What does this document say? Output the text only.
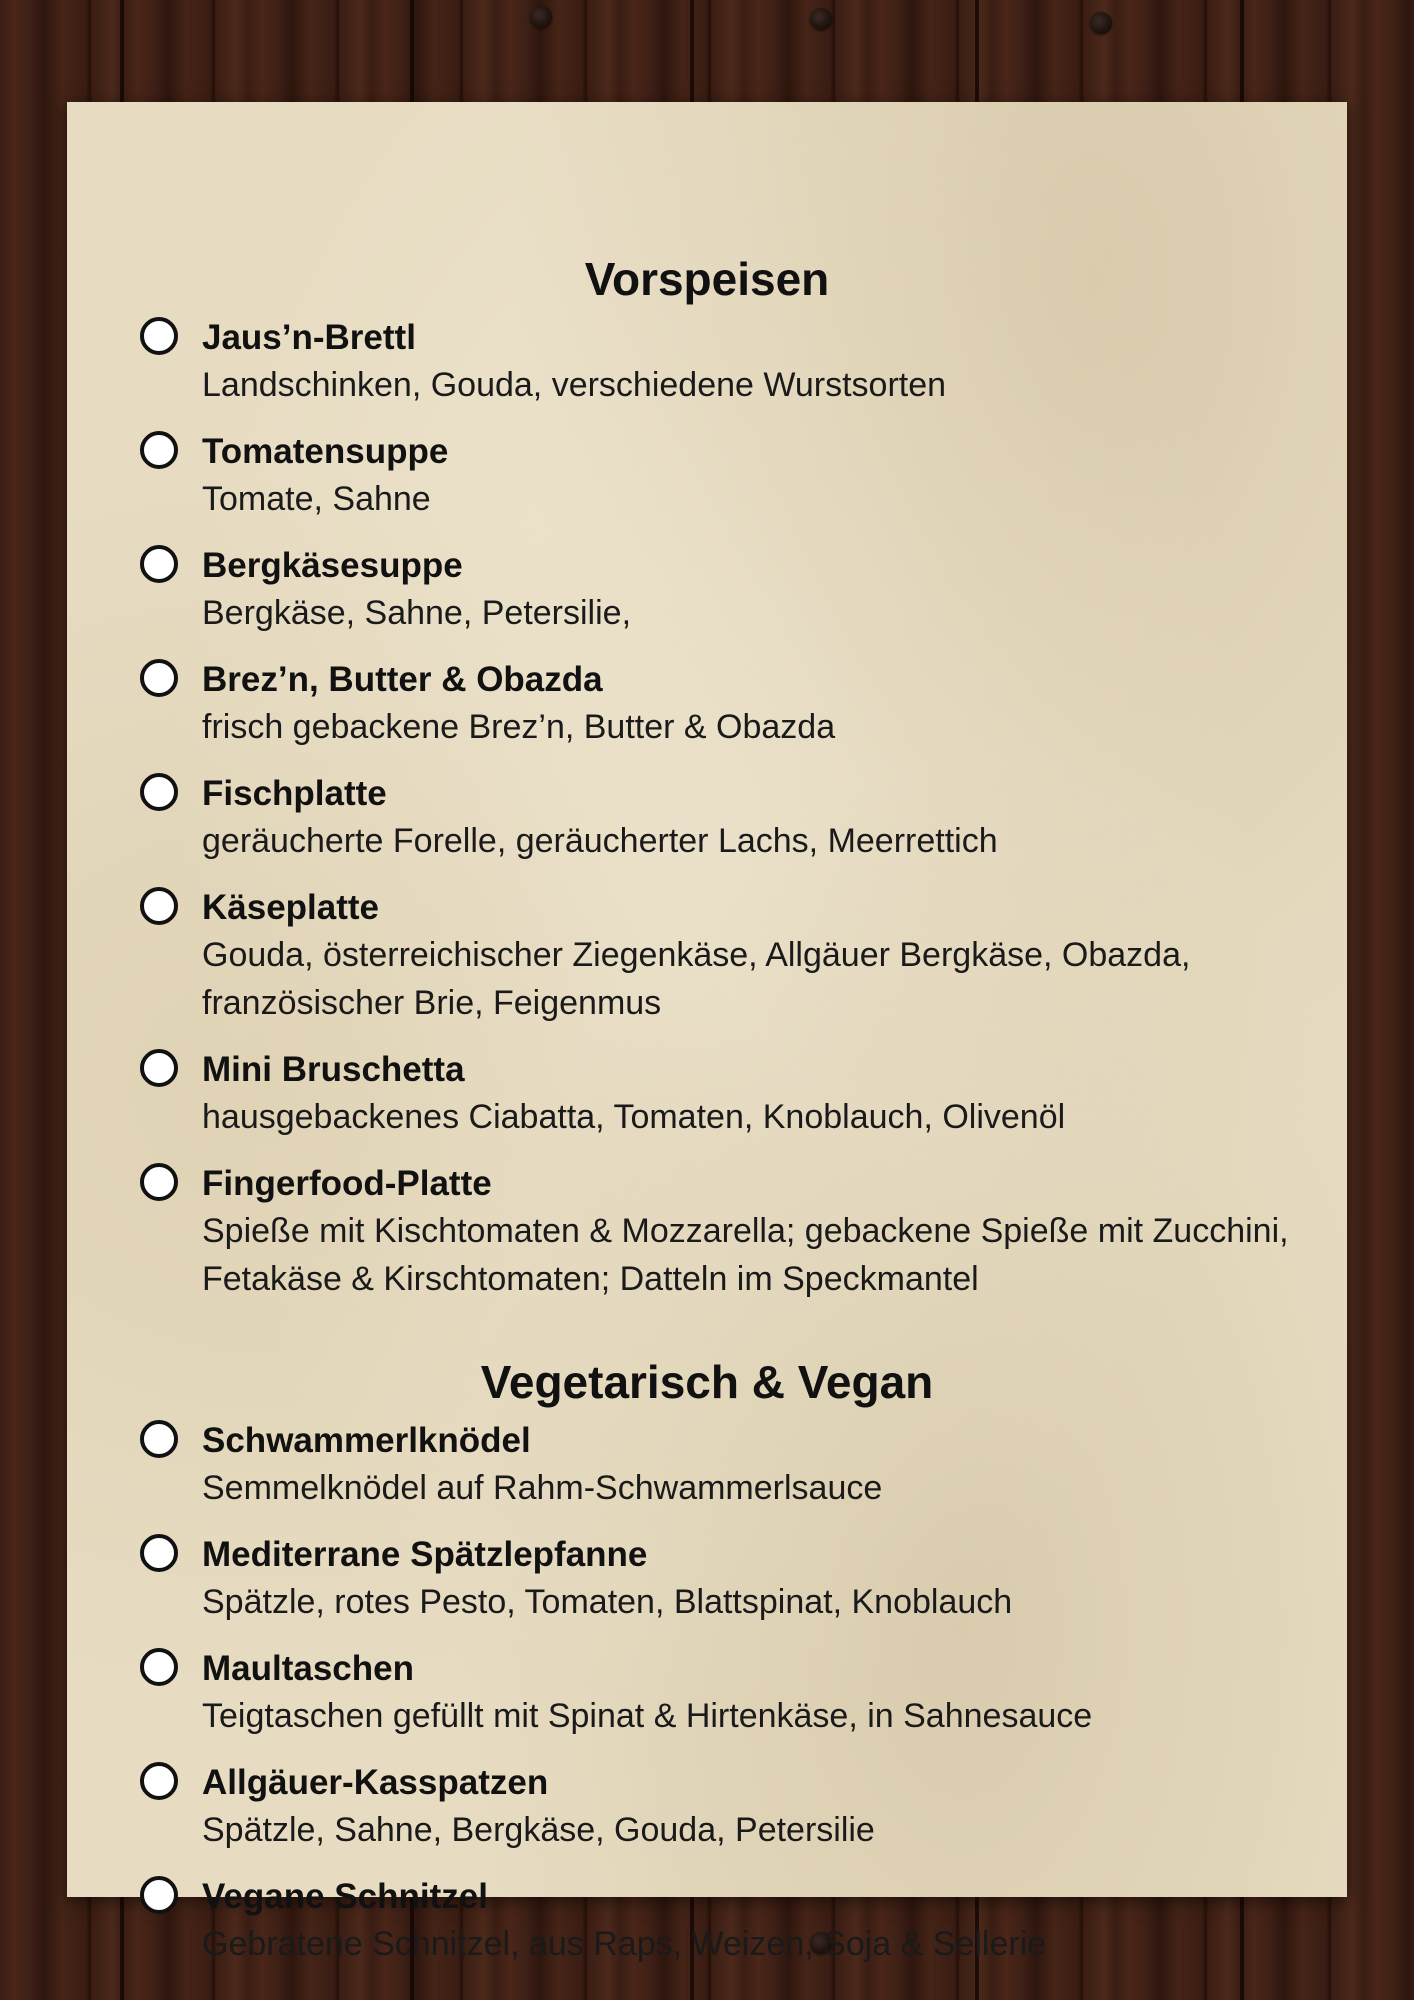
Vorspeisen
Jaus’n-Brettl
Landschinken, Gouda, verschiedene Wurstsorten
Tomatensuppe
Tomate, Sahne
Bergkäsesuppe
Bergkäse, Sahne, Petersilie,
Brez’n, Butter & Obazda
frisch gebackene Brez’n, Butter & Obazda
Fischplatte
geräucherte Forelle, geräucherter Lachs, Meerrettich
Käseplatte
Gouda, österreichischer Ziegenkäse, Allgäuer Bergkäse, Obazda, französischer Brie, Feigenmus
Mini Bruschetta
hausgebackenes Ciabatta, Tomaten, Knoblauch, Olivenöl
Fingerfood-Platte
Spieße mit Kischtomaten & Mozzarella; gebackene Spieße mit Zucchini, Fetakäse & Kirschtomaten; Datteln im Speckmantel
Vegetarisch & Vegan
Schwammerlknödel
Semmelknödel auf Rahm-Schwammerlsauce
Mediterrane Spätzlepfanne
Spätzle, rotes Pesto, Tomaten, Blattspinat, Knoblauch
Maultaschen
Teigtaschen gefüllt mit Spinat & Hirtenkäse, in Sahnesauce
Allgäuer-Kasspatzen
Spätzle, Sahne, Bergkäse, Gouda, Petersilie
Vegane Schnitzel
Gebratene Schnitzel, aus Raps, Weizen, Soja & Sellerie
